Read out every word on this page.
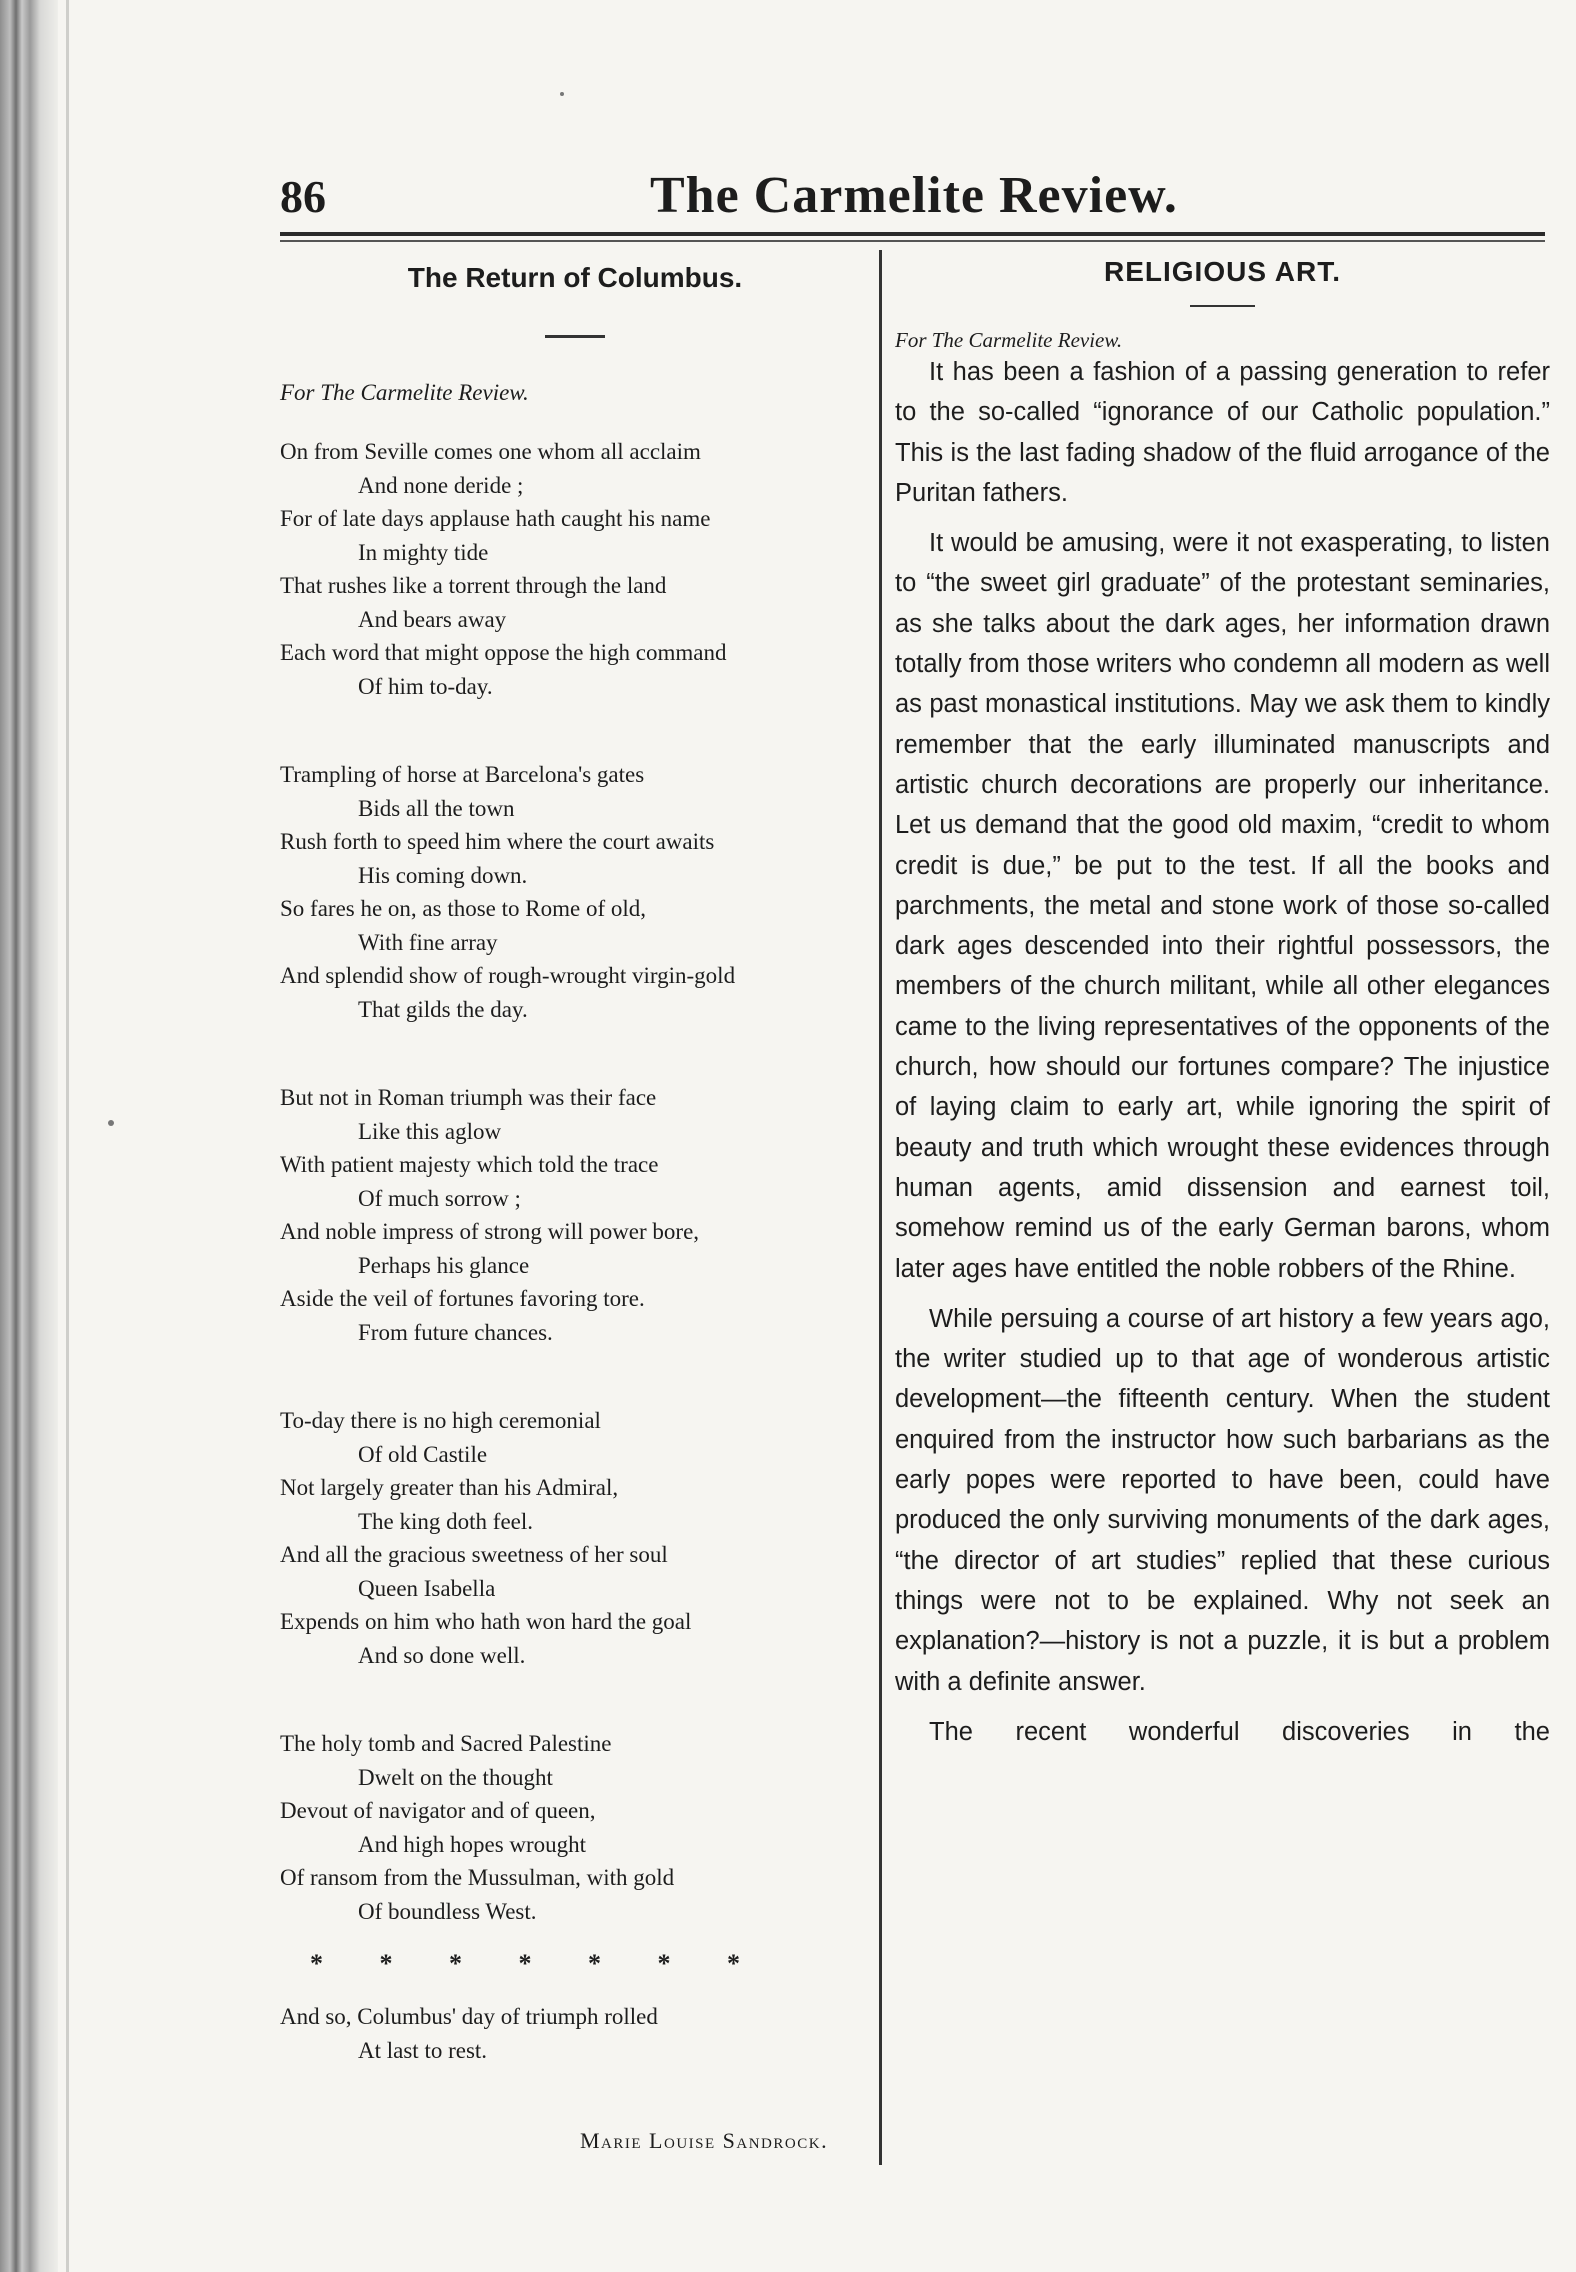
86	The Carmelite Review.
The Return of Columbus.
For The Carmelite Review.
On from Seville comes one whom all acclaim
And none deride ;
For of late days applause hath caught his name
In mighty tide
That rushes like a torrent through the land
And bears away
Each word that might oppose the high command
Of him to-day.
Trampling of horse at Barcelona's gates
Bids all the town
Rush forth to speed him where the court awaits
His coming down.
So fares he on, as those to Rome of old,
With fine array
And splendid show of rough-wrought virgin-gold
That gilds the day.
But not in Roman triumph was their face
Like this aglow
With patient majesty which told the trace
Of much sorrow ;
And noble impress of strong will power bore,
Perhaps his glance
Aside the veil of fortunes favoring tore.
From future chances.
To-day there is no high ceremonial
Of old Castile
Not largely greater than his Admiral,
The king doth feel.
And all the gracious sweetness of her soul
Queen Isabella
Expends on him who hath won hard the goal
And so done well.
The holy tomb and Sacred Palestine
Dwelt on the thought
Devout of navigator and of queen,
And high hopes wrought
Of ransom from the Mussulman, with gold
Of boundless West.
* * * * * * *
And so, Columbus' day of triumph rolled
At last to rest.
Marie Louise Sandrock.
RELIGIOUS ART.
For The Carmelite Review.

It has been a fashion of a passing generation to refer to the so-called “ignorance of our Catholic population.” This is the last fading shadow of the fluid arrogance of the Puritan fathers.

It would be amusing, were it not exasperating, to listen to “the sweet girl graduate” of the protestant seminaries, as she talks about the dark ages, her information drawn totally from those writers who condemn all modern as well as past monastical institutions. May we ask them to kindly remember that the early illuminated manuscripts and artistic church decorations are properly our inheritance. Let us demand that the good old maxim, “credit to whom credit is due,” be put to the test. If all the books and parchments, the metal and stone work of those so-called dark ages descended into their rightful possessors, the members of the church militant, while all other elegances came to the living representatives of the opponents of the church, how should our fortunes compare? The injustice of laying claim to early art, while ignoring the spirit of beauty and truth which wrought these evidences through human agents, amid dissension and earnest toil, somehow remind us of the early German barons, whom later ages have entitled the noble robbers of the Rhine.

While persuing a course of art history a few years ago, the writer studied up to that age of wonderous artistic development—the fifteenth century. When the student enquired from the instructor how such barbarians as the early popes were reported to have been, could have produced the only surviving monuments of the dark ages, “the director of art studies” replied that these curious things were not to be explained. Why not seek an explanation?—history is not a puzzle, it is but a problem with a definite answer.

The recent wonderful discoveries in the
